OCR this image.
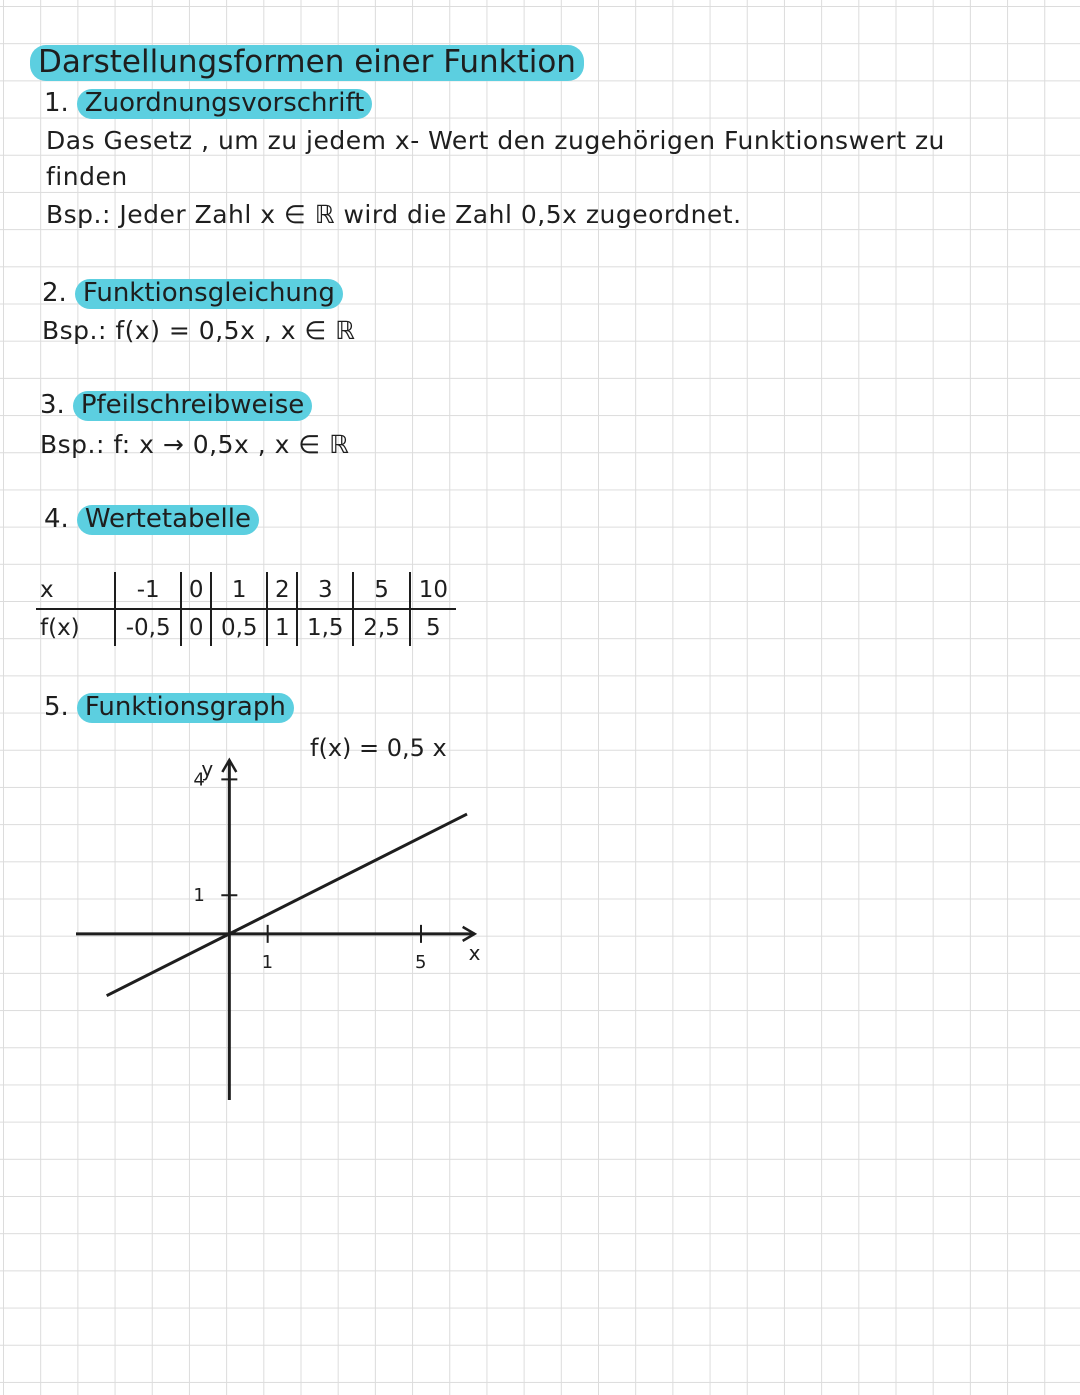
Darstellungsformen einer Funktion
1. Zuordnungsvorschrift
Das Gesetz , um zu jedem x- Wert den zugehörigen Funktionswert zu
finden
Bsp.: Jeder Zahl x ∈ ℝ wird die Zahl 0,5x zugeordnet.
2. Funktionsgleichung
Bsp.: f(x) = 0,5x , x ∈ ℝ
3. Pfeilschreibweise
Bsp.: f: x → 0,5x , x ∈ ℝ
4. Wertetabelle
x	-1	0	1	2	3	5	10
f(x)	-0,5	0	0,5	1	1,5	2,5	5
5. Funktionsgraph
f(x) = 0,5 x
x
y
1	5
1
4
